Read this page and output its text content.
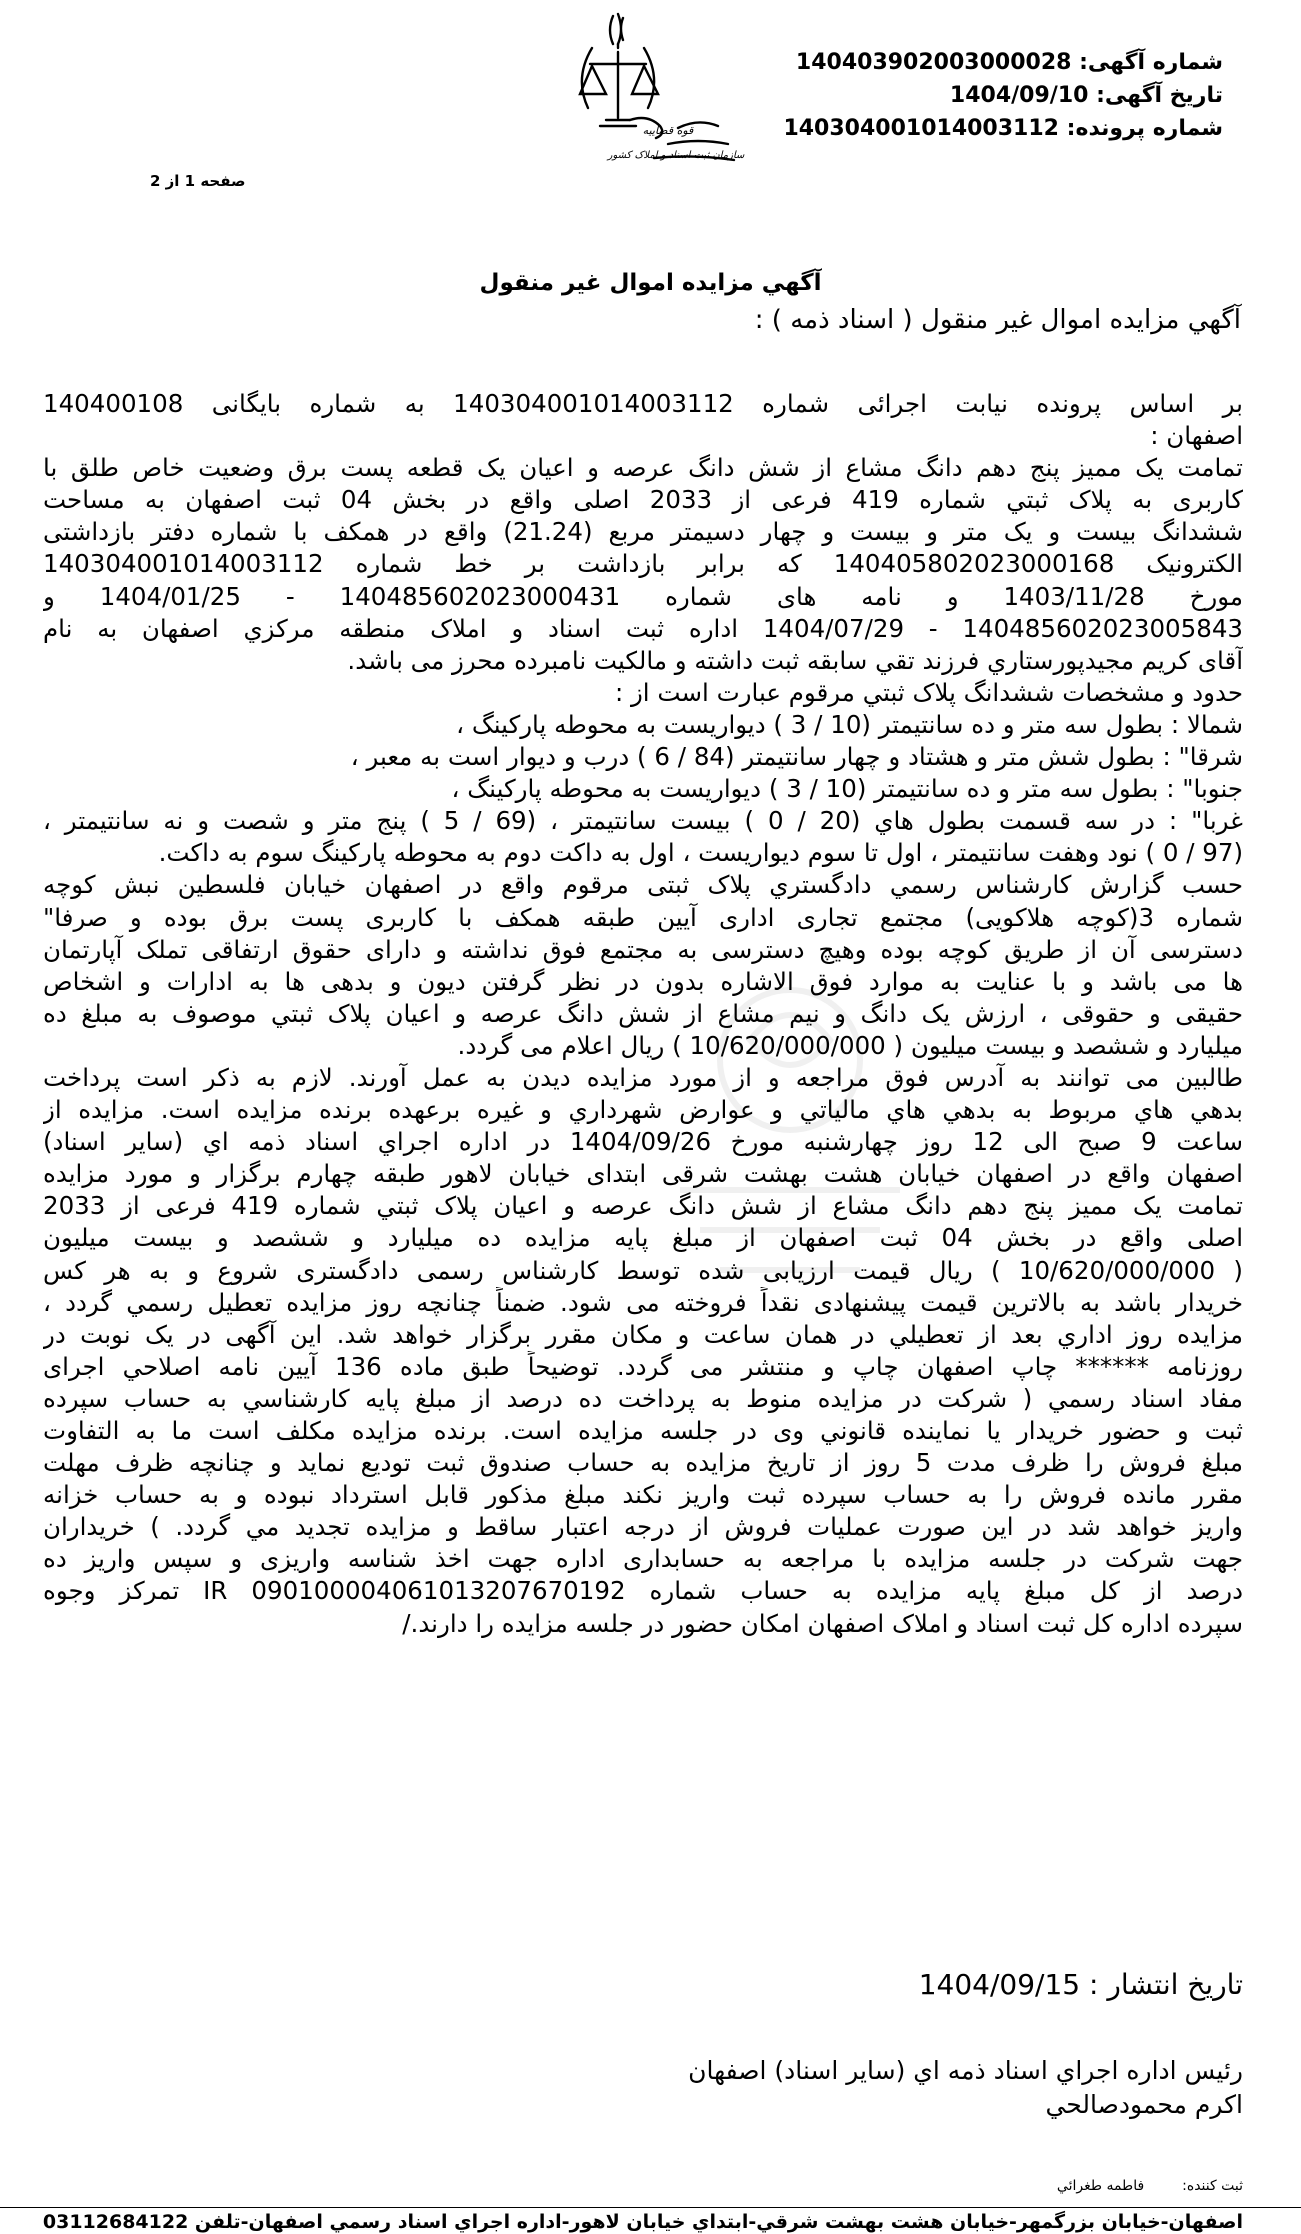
شماره آگهی: 140403902003000028
تاریخ آگهی: 1404/09/10
شماره پرونده: 140304001014003112
قوه قضاییه
سازمان ثبت اسناد و املاک کشور
صفحه 1 از 2
آگهي مزايده اموال غير منقول
آگهي مزايده اموال غير منقول ( اسناد ذمه ) :
بر اساس پرونده نيابت اجرائی شماره 140304001014003112 به شماره بايگانی 140400108
اصفهان :
تمامت يک مميز پنج دهم دانگ مشاع از شش دانگ عرصه و اعيان يک قطعه پست برق وضعيت خاص طلق با
کاربری به پلاک ثبتي شماره 419 فرعی از 2033 اصلی واقع در بخش 04 ثبت اصفهان به مساحت
ششدانگ بيست و يک متر و بيست و چهار دسيمتر مربع (21.24) واقع در همکف با شماره دفتر بازداشتی
الکترونيک 140405802023000168 که برابر بازداشت بر خط شماره 140304001014003112
مورخ 1403/11/28 و نامه های شماره 140485602023000431 - 1404/01/25 و
140485602023005843 - 1404/07/29 اداره ثبت اسناد و املاک منطقه مرکزي اصفهان به نام
آقای کريم مجيدپورستاري فرزند تقي سابقه ثبت داشته و مالکيت نامبرده محرز می باشد.
حدود و مشخصات ششدانگ پلاک ثبتي مرقوم عبارت است از :
شمالا : بطول سه متر و ده سانتيمتر (10 / 3 ) ديواريست به محوطه پارکينگ ،
شرقا" : بطول شش متر و هشتاد و چهار سانتيمتر (84 / 6 ) درب و ديوار است به معبر ،
جنوبا" : بطول سه متر و ده سانتيمتر (10 / 3 ) ديواريست به محوطه پارکينگ ،
غربا" : در سه قسمت بطول هاي (20 / 0 ) بيست سانتيمتر ، (69 / 5 ) پنج متر و شصت و نه سانتيمتر ،
(97 / 0 ) نود وهفت سانتيمتر ، اول تا سوم ديواريست ، اول به داکت دوم به محوطه پارکينگ سوم به داکت.
حسب گزارش کارشناس رسمي دادگستري پلاک ثبتی مرقوم واقع در اصفهان خيابان فلسطين نبش کوچه
شماره 3(کوچه هلاکويی) مجتمع تجاری اداری آيين طبقه همکف با کاربری پست برق بوده و صرفا"
دسترسی آن از طريق کوچه بوده وهيچ دسترسی به مجتمع فوق نداشته و دارای حقوق ارتفاقی تملک آپارتمان
ها می باشد و با عنايت به موارد فوق الاشاره بدون در نظر گرفتن ديون و بدهی ها به ادارات و اشخاص
حقيقی و حقوقی ، ارزش يک دانگ و نيم مشاع از شش دانگ عرصه و اعيان پلاک ثبتي موصوف به مبلغ ده
ميليارد و ششصد و بيست ميليون ( 10/620/000/000 ) ريال اعلام می گردد.
طالبين می توانند به آدرس فوق مراجعه و از مورد مزايده ديدن به عمل آورند. لازم به ذکر است پرداخت
بدهي هاي مربوط به بدهي هاي مالياتي و عوارض شهرداري و غيره برعهده برنده مزايده است. مزايده از
ساعت 9 صبح الی 12 روز چهارشنبه مورخ 1404/09/26 در اداره اجراي اسناد ذمه اي (ساير اسناد)
اصفهان واقع در اصفهان خيابان هشت بهشت شرقی ابتدای خيابان لاهور طبقه چهارم برگزار و مورد مزايده
تمامت يک مميز پنج دهم دانگ مشاع از شش دانگ عرصه و اعيان پلاک ثبتي شماره 419 فرعی از 2033
اصلی واقع در بخش 04 ثبت اصفهان از مبلغ پايه مزايده ده ميليارد و ششصد و بيست ميليون
( 10/620/000/000 ) ريال قيمت ارزيابی شده توسط کارشناس رسمی دادگستری شروع و به هر کس
خريدار باشد به بالاترين قيمت پيشنهادی نقداً فروخته می شود. ضمناً چنانچه روز مزايده تعطيل رسمي گردد ،
مزايده روز اداري بعد از تعطيلي در همان ساعت و مکان مقرر برگزار خواهد شد. اين آگهی در يک نوبت در
روزنامه ****** چاپ اصفهان چاپ و منتشر می گردد. توضيحاً طبق ماده 136 آيين نامه اصلاحي اجرای
مفاد اسناد رسمي ( شرکت در مزايده منوط به پرداخت ده درصد از مبلغ پايه کارشناسي به حساب سپرده
ثبت و حضور خريدار يا نماينده قانوني وی در جلسه مزايده است. برنده مزايده مکلف است ما به التفاوت
مبلغ فروش را ظرف مدت 5 روز از تاريخ مزايده به حساب صندوق ثبت توديع نمايد و چنانچه ظرف مهلت
مقرر مانده فروش را به حساب سپرده ثبت واريز نکند مبلغ مذکور قابل استرداد نبوده و به حساب خزانه
واريز خواهد شد در اين صورت عمليات فروش از درجه اعتبار ساقط و مزايده تجديد مي گردد. ) خريداران
جهت شرکت در جلسه مزايده با مراجعه به حسابداری اداره جهت اخذ شناسه واريزی و سپس واريز ده
درصد از کل مبلغ پايه مزايده به حساب شماره IR 090100004061013207670192 تمرکز وجوه
سپرده اداره کل ثبت اسناد و املاک اصفهان امکان حضور در جلسه مزايده را دارند./
تاريخ انتشار : 1404/09/15
رئيس اداره اجراي اسناد ذمه اي (ساير اسناد) اصفهان
اکرم محمودصالحي
ثبت کننده:فاطمه طغرائي
اصفهان-خيابان بزرگمهر-خيابان هشت بهشت شرقي-ابتداي خيابان لاهور-اداره اجراي اسناد رسمي اصفهان-تلفن 03112684122
